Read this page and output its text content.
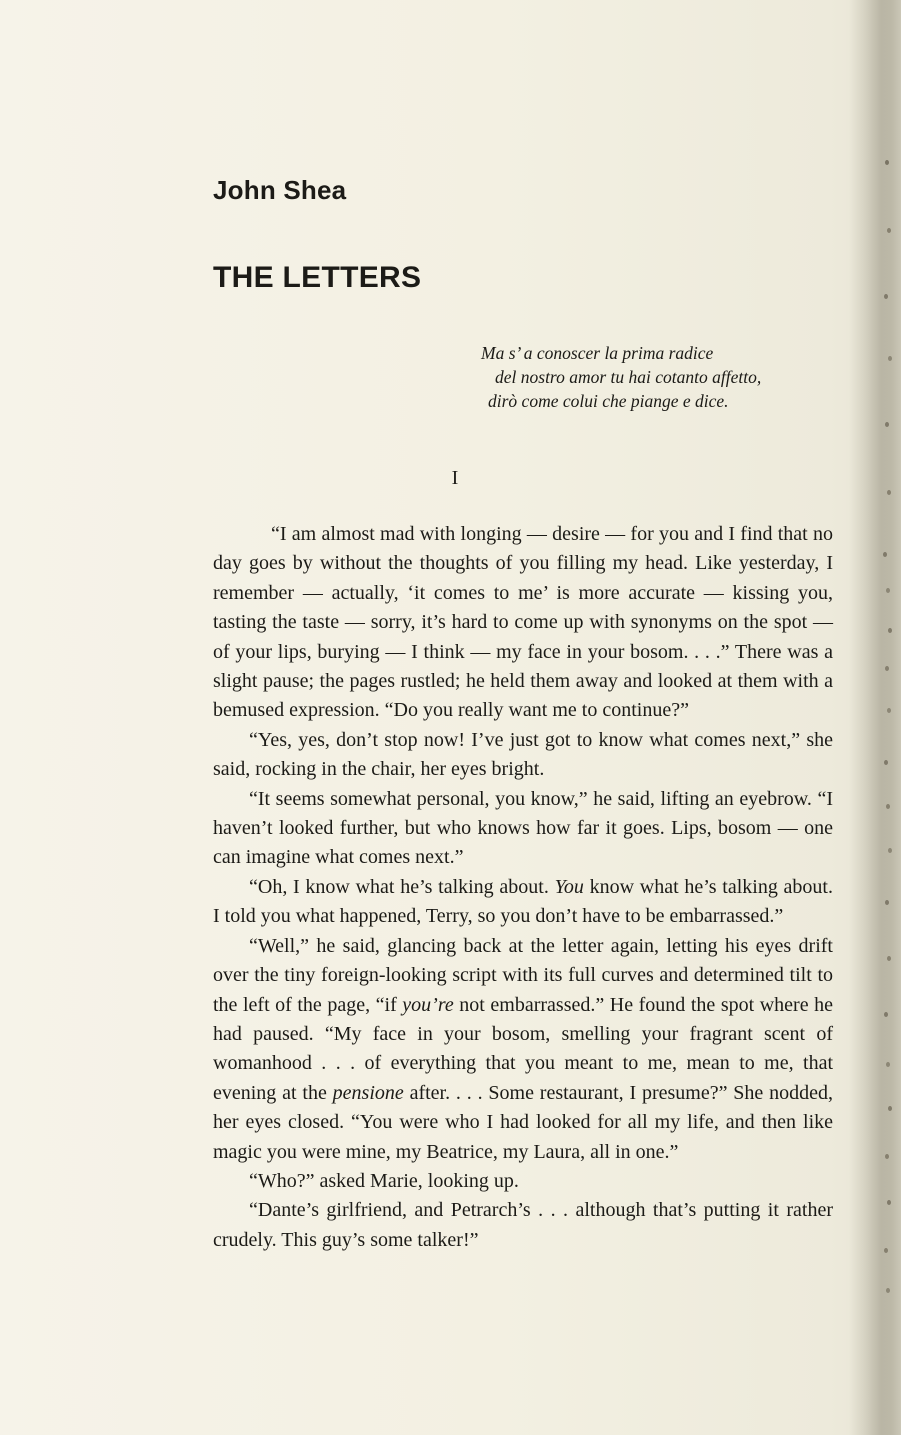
John Shea
THE LETTERS
Ma s’ a conoscer la prima radice
del nostro amor tu hai cotanto affetto,
dirò come colui che piange e dice.
I

“I am almost mad with longing — desire — for you and I find that no day goes by without the thoughts of you filling my head. Like yesterday, I remember — actually, ‘it comes to me’ is more accurate — kissing you, tasting the taste — sorry, it’s hard to come up with synonyms on the spot — of your lips, burying — I think — my face in your bosom. . . .” There was a slight pause; the pages rustled; he held them away and looked at them with a bemused expression. “Do you really want me to continue?”

“Yes, yes, don’t stop now! I’ve just got to know what comes next,” she said, rocking in the chair, her eyes bright.

“It seems somewhat personal, you know,” he said, lifting an eyebrow. “I haven’t looked further, but who knows how far it goes. Lips, bosom — one can imagine what comes next.”

“Oh, I know what he’s talking about. You know what he’s talking about. I told you what happened, Terry, so you don’t have to be embarrassed.”

“Well,” he said, glancing back at the letter again, letting his eyes drift over the tiny foreign-looking script with its full curves and determined tilt to the left of the page, “if you’re not embarrassed.” He found the spot where he had paused. “My face in your bosom, smelling your fragrant scent of womanhood . . . of everything that you meant to me, mean to me, that evening at the pensione after. . . . Some restaurant, I presume?” She nodded, her eyes closed. “You were who I had looked for all my life, and then like magic you were mine, my Beatrice, my Laura, all in one.”

“Who?” asked Marie, looking up.

“Dante’s girlfriend, and Petrarch’s . . . although that’s putting it rather crudely. This guy’s some talker!”
